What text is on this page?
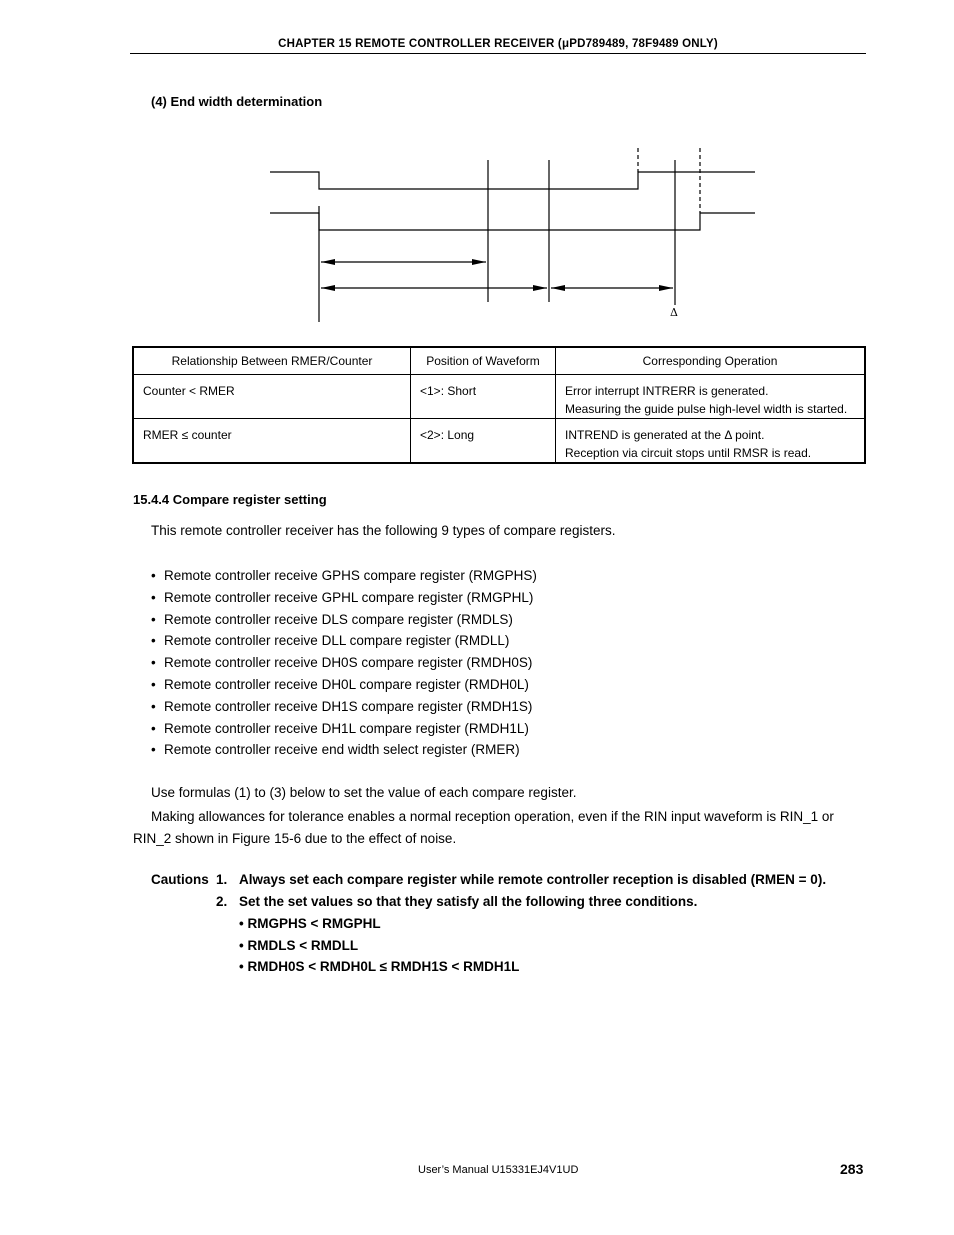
CHAPTER 15 REMOTE CONTROLLER RECEIVER (μPD789489, 78F9489 ONLY)
(4) End width determination
Δ
Relationship Between RMER/Counter	Position of Waveform	Corresponding Operation
Counter < RMER	<1>: Short	Error interrupt INTRERR is generated.
Measuring the guide pulse high-level width is started.

RMER ≤ counter	<2>: Long	INTREND is generated at the Δ point.
Reception via circuit stops until RMSR is read.
15.4.4 Compare register setting
This remote controller receiver has the following 9 types of compare registers.
• Remote controller receive GPHS compare register (RMGPHS)
• Remote controller receive GPHL compare register (RMGPHL)
• Remote controller receive DLS compare register (RMDLS)
• Remote controller receive DLL compare register (RMDLL)
• Remote controller receive DH0S compare register (RMDH0S)
• Remote controller receive DH0L compare register (RMDH0L)
• Remote controller receive DH1S compare register (RMDH1S)
• Remote controller receive DH1L compare register (RMDH1L)
• Remote controller receive end width select register (RMER)
Use formulas (1) to (3) below to set the value of each compare register.
Making allowances for tolerance enables a normal reception operation, even if the RIN input waveform is RIN_1 or RIN_2 shown in Figure 15-6 due to the effect of noise.
Cautions 1. Always set each compare register while remote controller reception is disabled (RMEN = 0).
2. Set the set values so that they satisfy all the following three conditions.
• RMGPHS < RMGPHL
• RMDLS < RMDLL
• RMDH0S < RMDH0L ≤ RMDH1S < RMDH1L
User’s Manual U15331EJ4V1UD	283
